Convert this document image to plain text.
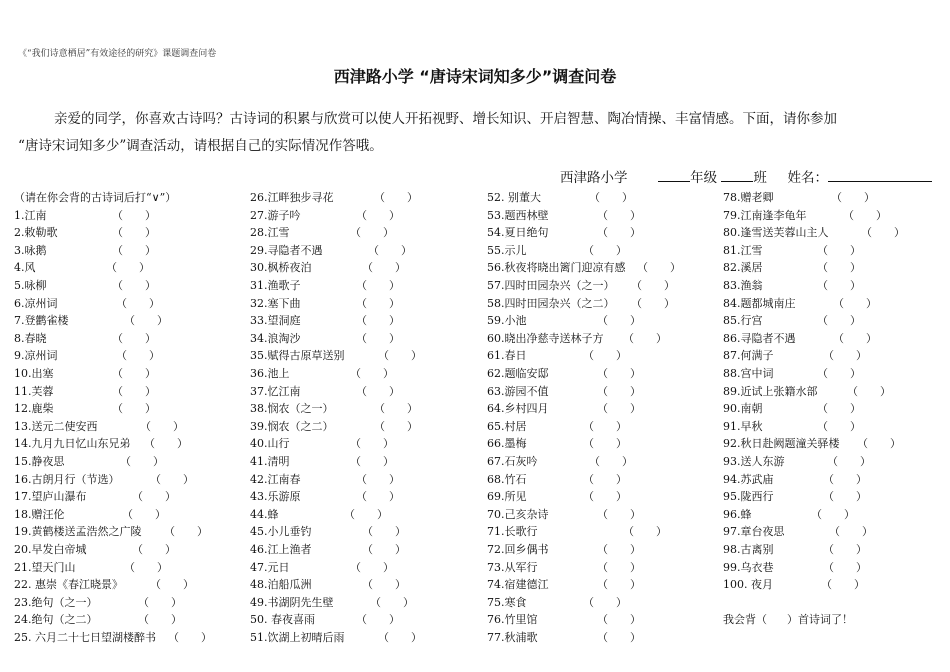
《“我们诗意栖居”有效途径的研究》课题调查问卷
西津路小学 “唐诗宋词知多少”调查问卷

亲爱的同学，你喜欢古诗吗？古诗词的积累与欣赏可以使人开拓视野、增长知识、开启智慧、陶冶情操、丰富情感。下面，请你参加

“唐诗宋词知多少”调查活动，请根据自己的实际情况作答哦。

西津路小学	年级	班 姓名：
（请在你会背的古诗词后打“∨”）
1.江南	（　　）
2.敕勒歌	（　　）
3.咏鹅	（　　）
4.风	（　　）
5.咏柳	（　　）
6.凉州词	（　　）
7.登鹳雀楼	（　　）
8.春晓	（　　）
9.凉州词	（　　）
10.出塞	（　　）
11.芙蓉	（　　）
12.鹿柴	（　　）
13.送元二使安西	（　　）
14.九月九日忆山东兄弟 （　　）
15.静夜思	（　　）
16.古朗月行（节选）	（　　）
17.望庐山瀑布	（　　）
18.赠汪伦	（　　）
19.黄鹤楼送孟浩然之广陵 （　　）
20.早发白帝城	（　　）
21.望天门山	（　　）
22. 惠崇《春江晓景》 （　　）
23.绝句（之一）	（　　）
24.绝句（之二）	（　　）
25. 六月二十七日望湖楼醉书 （　　）
26.江畔独步寻花	（　　）
27.游子吟	（　　）
28.江雪	（　　）
29.寻隐者不遇	（　　）
30.枫桥夜泊	（　　）
31.渔歌子	（　　）
32.塞下曲	（　　）
33.望洞庭	（　　）
34.浪淘沙	（　　）
35.赋得古原草送别	（　　）
36.池上	（　　）
37.忆江南	（　　）
38.悯农（之一）	（　　）
39.悯农（之二）	（　　）
40.山行	（　　）
41.清明	（　　）
42.江南春	（　　）
43.乐游原	（　　）
44.蜂	（　　）
45.小儿垂钓	（　　）
46.江上渔者	（　　）
47.元日	（　　）
48.泊船瓜洲	（　　）
49.书湖阴先生壁	（　　）
50. 春夜喜雨	（　　）
51.饮湖上初晴后雨	（　　）
52. 别董大	（　　）
53.题西林壁	（　　）
54.夏日绝句	（　　）
55.示儿	（　　）
56.秋夜将晓出篱门迎凉有感 （　　）
57.四时田园杂兴（之一） （　　）
58.四时田园杂兴（之二） （　　）
59.小池	（　　）
60.晓出净慈寺送林子方 （　　）
61.春日	（　　）
62.题临安邸	（　　）
63.游园不值	（　　）
64.乡村四月	（　　）
65.村居	（　　）
66.墨梅	（　　）
67.石灰吟	（　　）
68.竹石	（　　）
69.所见	（　　）
70.己亥杂诗	（　　）
71.长歌行	（　　）
72.回乡偶书	（　　）
73.从军行	（　　）
74.宿建德江	（　　）
75.寒食	（　　）
76.竹里馆	（　　）
77.秋浦歌	（　　）
78.赠老卿	（　　）
79.江南逢李龟年	（　　）
80.逢雪送芙蓉山主人	（　　）
81.江雪	（　　）
82.溪居	（　　）
83.渔翁	（　　）
84.题都城南庄	（　　）
85.行宫	（　　）
86.寻隐者不遇	（　　）
87.何满子	（　　）
88.宫中词	（　　）
89.近试上张籍水部	（　　）
90.南朝	（　　）
91.早秋	（　　）
92.秋日赴阙题潼关驿楼 （　　）
93.送人东游	（　　）
94.苏武庙	（　　）
95.陇西行	（　　）
96.蜂	（　　）
97.章台夜思	（　　）
98.古离别	（　　）
99.乌衣巷	（　　）
100. 夜月	（　　）
我会背（ ）首诗词了！
